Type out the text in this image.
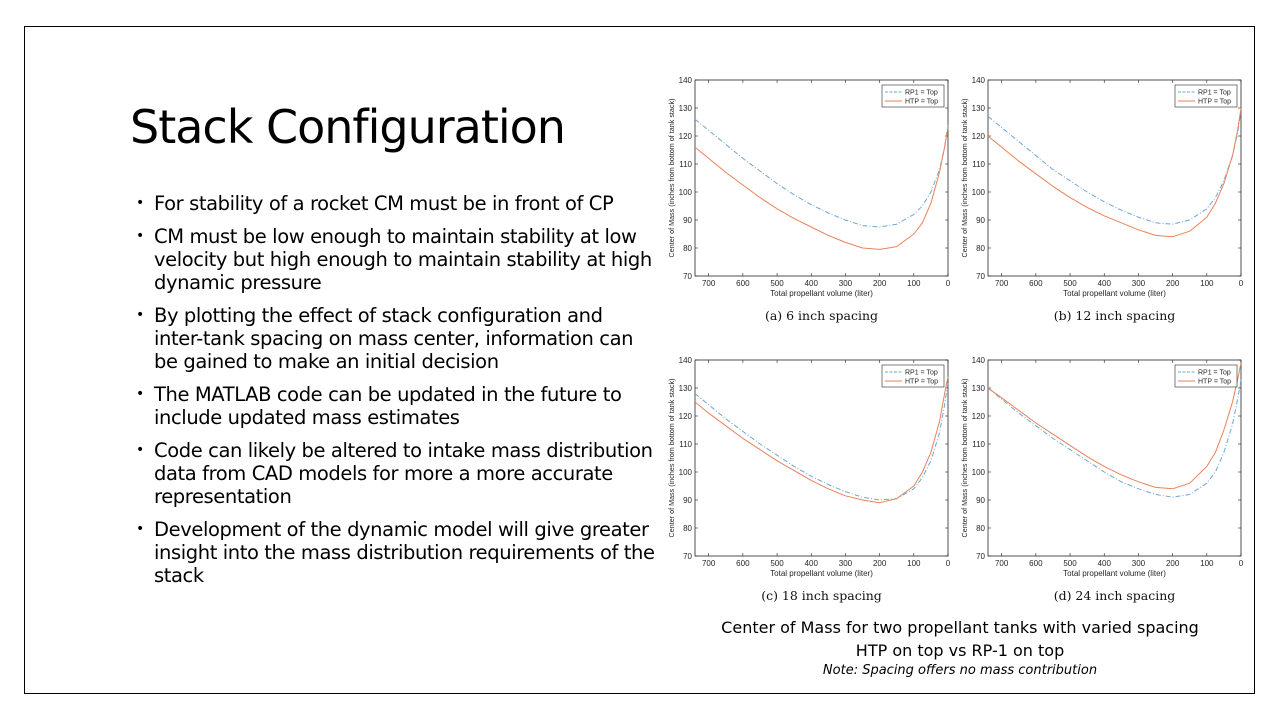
Stack Configuration
• For stability of a rocket CM must be in front of CP
• CM must be low enough to maintain stability at low velocity but high enough to maintain stability at high dynamic pressure
• By plotting the effect of stack configuration and inter-tank spacing on mass center, information can be gained to make an initial decision
• The MATLAB code can be updated in the future to include updated mass estimates
• Code can likely be altered to intake mass distribution data from CAD models for more a more accurate representation
• Development of the dynamic model will give greater insight into the mass distribution requirements of the stack
70
80
90
100
110
120
130
140
700	600	500	400	300	200	100	0
Total propellant volume (liter)
Center of Mass (inches from bottom of tank stack)
RP1 = Top
HTP = Top
(a) 6 inch spacing
70
80
90
100
110
120
130
140
700	600	500	400	300	200	100	0
Total propellant volume (liter)
Center of Mass (inches from bottom of tank stack)
RP1 = Top
HTP = Top
(b) 12 inch spacing
70
80
90
100
110
120
130
140
700	600	500	400	300	200	100	0
Total propellant volume (liter)
Center of Mass (inches from bottom of tank stack)
RP1 = Top
HTP = Top
(c) 18 inch spacing
70
80
90
100
110
120
130
140
700	600	500	400	300	200	100	0
Total propellant volume (liter)
Center of Mass (inches from bottom of tank stack)
RP1 = Top
HTP = Top
(d) 24 inch spacing
Center of Mass for two propellant tanks with varied spacing
HTP on top vs RP-1 on top
Note: Spacing offers no mass contribution
